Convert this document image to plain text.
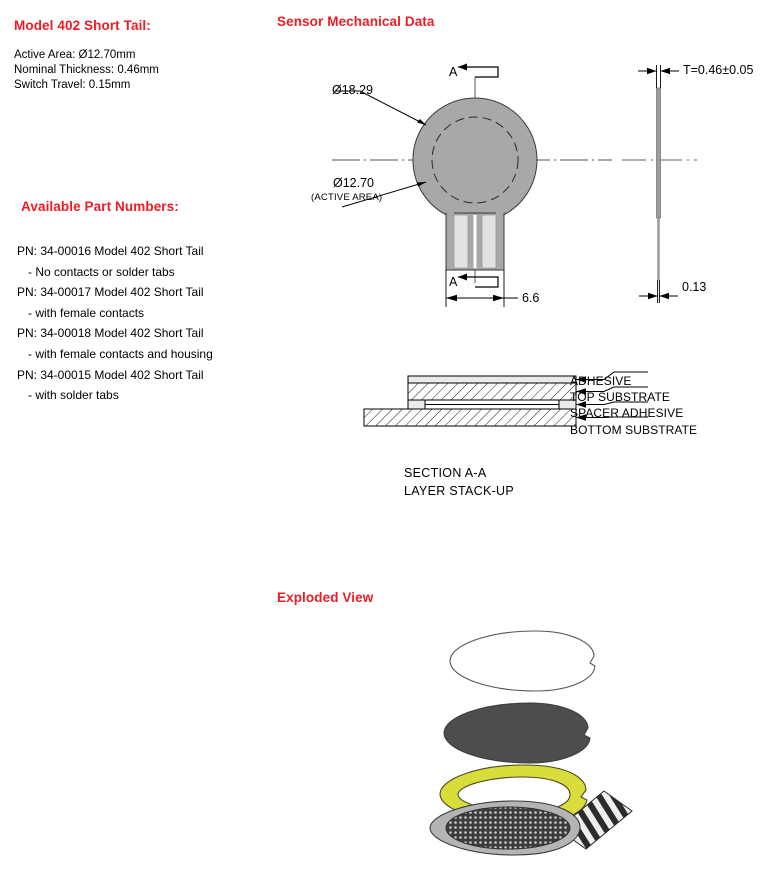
Model 402 Short Tail:
Active Area: Ø12.70mm
Nominal Thickness: 0.46mm
Switch Travel: 0.15mm
Available Part Numbers:
PN: 34-00016 Model 402 Short Tail
- No contacts or solder tabs
PN: 34-00017 Model 402 Short Tail
- with female contacts
PN: 34-00018 Model 402 Short Tail
- with female contacts and housing
PN: 34-00015 Model 402 Short Tail
- with solder tabs
Sensor Mechanical Data
Ø18.29
Ø12.70
(ACTIVE AREA)
A
A
6.6
T=0.46±0.05
0.13
ADHESIVE
TOP SUBSTRATE
SPACER ADHESIVE
BOTTOM SUBSTRATE
SECTION A-A
LAYER STACK-UP
Exploded View
